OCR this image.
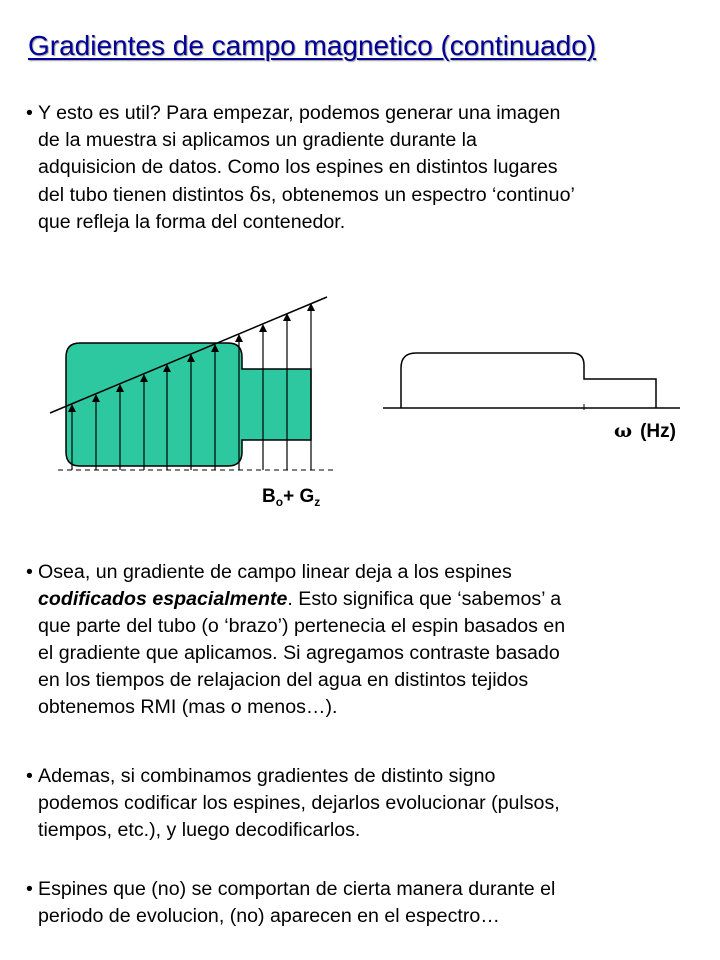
Gradientes de campo magnetico (continuado)
• Y esto es util? Para empezar, podemos generar una imagen
de la muestra si aplicamos un gradiente durante la
adquisicion de datos. Como los espines en distintos lugares
del tubo tienen distintos δs, obtenemos un espectro ‘continuo’
que refleja la forma del contenedor.
$B_o+ G_z$
ω (Hz)
• Osea, un gradiente de campo linear deja a los espines
codificados espacialmente. Esto significa que ‘sabemos’ a
que parte del tubo (o ‘brazo’) pertenecia el espin basados en
el gradiente que aplicamos. Si agregamos contraste basado
en los tiempos de relajacion del agua en distintos tejidos
obtenemos RMI (mas o menos…).
• Ademas, si combinamos gradientes de distinto signo
podemos codificar los espines, dejarlos evolucionar (pulsos,
tiempos, etc.), y luego decodificarlos.
• Espines que (no) se comportan de cierta manera durante el
periodo de evolucion, (no) aparecen en el espectro…
